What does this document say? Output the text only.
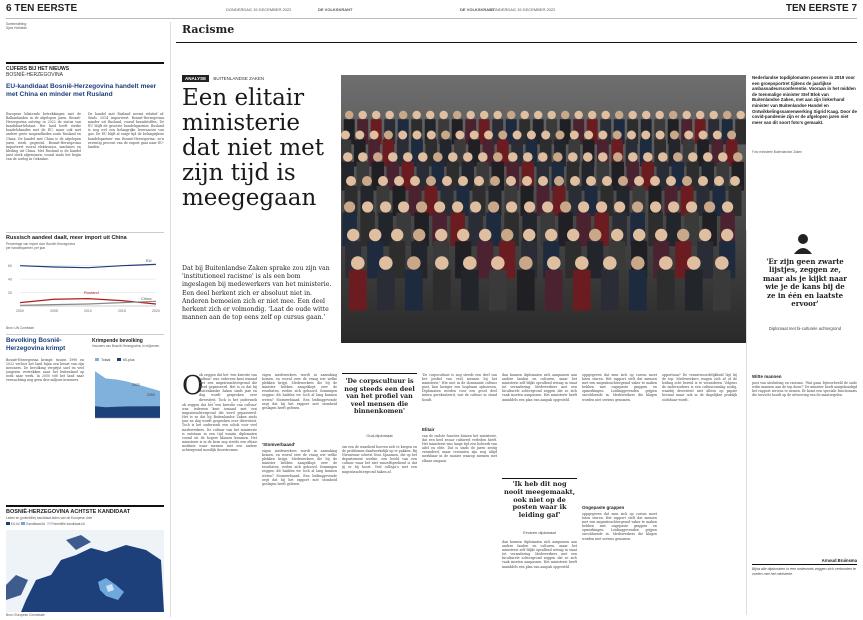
6 TEN EERSTE	DONDERDAG 15 DECEMBER 2022	DE VOLKSKRANT	DE VOLKSKRANT
DONDERDAG 15 DECEMBER 2022	TEN EERSTE 7
Samenstelling:
Sjors Hofstede
CIJFERS BIJ HET NIEUWS
BOSNIË-HERZEGOVINA
EU-kandidaat Bosnië-Herzegovina handelt meer met China en minder met Rusland
Europese bilaterale betrekkingen met de Balkanlanden in de afgelopen jaren. Bosnië-Herzegovina ontving in 2022 de status van kandidaat-lidstaat. Het land heeft sterke handelsbanden met de EU, maar ook met andere grote mogendheden zoals Rusland en China. De handel met China is de afgelopen jaren sterk gegroeid. Bosnië-Herzegovina importeert vooral elektronica, machines en kleding uit China. Met Rusland is de handel juist sterk afgenomen, vooral sinds het begin van de oorlog in Oekraïne.
De handel met Rusland neemt relatief af. Sinds 2014 importeert Bosnië-Herzegovina minder uit Rusland, vooral brandstoffen. De EU blijft de grootste handelspartner. Rusland is nog wel een belangrijke leverancier van gas. De EU blijft al enige tijd de belangrijkste handelspartner van Bosnië-Herzegovina: zo'n zeventig procent van de export gaat naar EU-landen.
Russisch aandeel daalt, meer import uit China
Percentage van import door Bosnië-Herzegovina
per handelspartner, per jaar
60
40
20
2000	2005	2010	2015	2020
EU
Rusland
China
Bron: UN Comtrade
Bevolking Bosnië-Herzegovina krimpt
Bosnië-Herzegovina krimpt: tussen 1990 en 2022 verloor het land bijna een kwart van zijn inwoners. De bevolking vergrijst snel en veel jongeren vertrekken naar het buitenland op zoek naar werk. In 2050 telt het land naar verwachting nog geen drie miljoen inwoners.
Krimpende bevolking
Inwoners van Bosnië-Herzegovina, in miljoenen
Totaal	60-plus
2050
2022
BOSNIË-HERZEGOVINA ACHTSTE KANDIDAAT
Leden en (potentiële) kandidaat-leden van de Europese Unie
EU-lid Kandidaat-lid Potentiële kandidaat-lid
Bron: Europese Commissie
Racisme
ANALYSE BUITENLANDSE ZAKEN
Een elitair ministerie dat niet met zijn tijd is meegegaan
Dat bij Buitenlandse Zaken sprake zou zijn van 'institutioneel racisme' is als een bom ingeslagen bij medewerkers van het ministerie. Een deel herkent zich er absoluut niet in. Anderen bemoeien zich er niet mee. Een deel herkent zich er volmondig. 'Laat de oude witte mannen aan de top eens zelf op cursus gaan.'
Nederlandse topdiplomaten poseren in 2019 voor een groepsportret tijdens de jaarlijkse ambassadeursconferentie. Vooraan in het midden de toenmalige minister Stef Blok van Buitenlandse Zaken, met aan zijn linkerhand minister van Buitenlandse Handel en Ontwikkelingssamenwerking Sigrid Kaag. Door de covid-pandemie zijn er de afgelopen jaren niet meer van dit soort foto's gemaakt.
Foto ministerie Buitenlandse Zaken
O
ok zeggen dat het 'een kwestie van cultuur' was: iedereen kent iemand met een migratieachtergrond die werd gepasseerd. Het is zo dat bij Buitenlandse Zaken sinds jaar en dag wordt gesproken over diversiteit. Toch is het onderzoek
ok zeggen dat het 'een kwestie van cultuur' was: iedereen kent iemand met een migratieachtergrond die werd gepasseerd. Het is zo dat bij Buitenlandse Zaken sinds jaar en dag wordt gesproken over diversiteit. Toch is het onderzoek een schok voor veel medewerkers. De cultuur van het ministerie is ontstaan in een tijd waarin diplomaten vooral uit de hogere klassen kwamen. Het ministerie is in de kern nog steeds een elitair instituut waar mensen met een andere achtergrond moeilijk doorstromen.
eigen medewerkers wordt in aanraking komen, en vooral over de vraag wie welke plekken krijgt. Medewerkers die bij de minister hebben aangeklopt over de resultaten, voelen zich gehoord. Sommigen zeggen: dit hadden we toch al lang kunnen weten? Stomverbaasd. Een leidinggevende zegt dat hij het rapport met stomheid geslagen heeft gelezen.
'Stomverbaasd'
eigen medewerkers wordt in aanraking komen, en vooral over de vraag wie welke plekken krijgt. Medewerkers die bij de minister hebben aangeklopt over de resultaten, voelen zich gehoord. Sommigen zeggen: dit hadden we toch al lang kunnen weten? Stomverbaasd. Een leidinggevende zegt dat hij het rapport met stomheid geslagen heeft gelezen.
'De corpscultuur is nog steeds een deel van het profiel van veel mensen die binnenkomen'
Oud-diplomaat
om een de waarheid hoeven zich te kregen en de problemen daadwerkelijk op te pakken. Bij Nieuwsuur schetst Nooi Spaansen, die op het departement werkte, een beeld van een cultuur waar het niet vanzelfsprekend is dat jij er bij hoort. Veel collega's met een migratieachtergrond haken af.
'De corpscultuur is nog steeds een deel van het profiel van veel mensen bij het ministerie.' Wie niet in de dominante cultuur past, kan lastiger een loopbaan opbouwen. Diplomaten worden voor een groot deel intern gerekruteerd, wat de cultuur in stand houdt.
Elitair
van de oudste functies binnen het ministerie, dat een heel zwaar cultureel verleden heeft. Het ministerie was lange tijd een bolwerk van adel en elite. Dat is sinds de jaren zestig veranderd, maar restanten zijn nog altijd merkbaar in de manier waarop mensen met elkaar omgaan.
dan kunnen diplomaten zich aanpassen aan andere landen en culturen, maar het ministerie zelf blijkt opvallend weinig in staat tot verandering. Medewerkers met een biculturele achtergrond zeggen dat ze zich vaak moeten aanpassen. Het ministerie heeft inmiddels een plan van aanpak opgesteld.
'Ik heb dit nog nooit meegemaakt, ook niet op de posten waar ik leiding gaf'
Ervaren diplomaat
dan kunnen diplomaten zich aanpassen aan andere landen en culturen, maar het ministerie zelf blijkt opvallend weinig in staat tot verandering. Medewerkers met een biculturele achtergrond zeggen dat ze zich vaak moeten aanpassen. Het ministerie heeft inmiddels een plan van aanpak opgesteld.
oppgegeven dat men zich op cursus moet laten sturen. Het rapport stelt dat mensen met een migratieachtergrond vaker te maken hebben met ongepaste grappen en opmerkingen. Leidinggevenden grijpen onvoldoende in. Medewerkers die klagen worden niet serieus genomen.
Ongepaste grappen
oppgegeven dat men zich op cursus moet laten sturen. Het rapport stelt dat mensen met een migratieachtergrond vaker te maken hebben met ongepaste grappen en opmerkingen. Leidinggevenden grijpen onvoldoende in. Medewerkers die klagen worden niet serieus genomen.
opportuun? De verantwoordelijkheid ligt bij de top. Medewerkers vragen zich af of de leiding echt bereid is te veranderen. Volgens de onderzoekers is een cultuuromslag nodig, waarbij diversiteit niet alleen op papier bestaat maar ook in de dagelijkse praktijk zichtbaar wordt.
'Er zijn geen zwarte lijstjes, zeggen ze, maar als je kijkt naar wie je de kans bij de ze in één en laatste ervoor'
Diplomaat met bi-culturele achtergrond
Witte mannen
past van uitsluiting en racisme. 'Wat gaan bijvoorbeeld de oude witte mannen aan de top doen?' De minister heeft aangekondigd het rapport serieus te nemen. Er komt een speciale functionaris die toezicht houdt op de uitvoering van de maatregelen.
Arnoud Bruinsma
Bijna alle diplomaten in een onderzoek zeggen zich verbonden te voelen met het ministerie.
